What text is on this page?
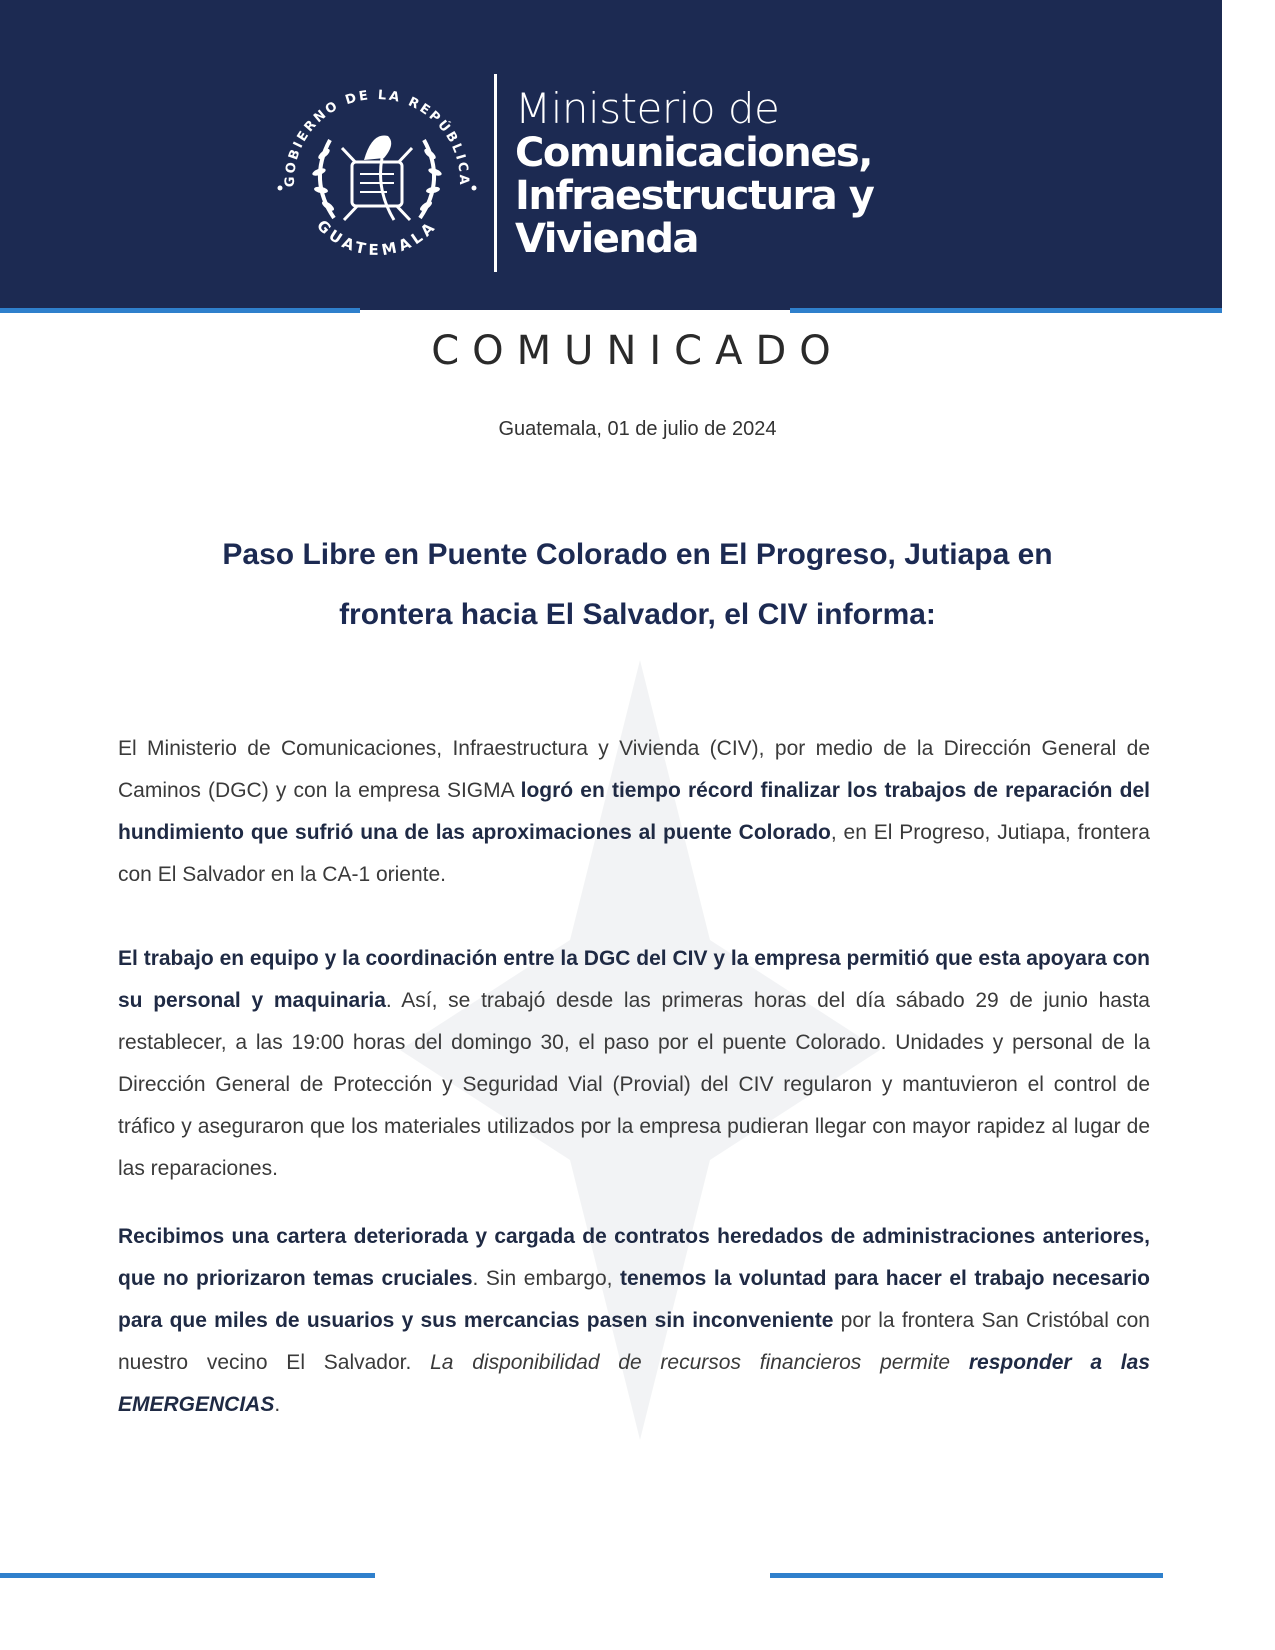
GOBIERNO DE LA REPÚBLICA
GUATEMALA
Ministerio de
Comunicaciones,
Infraestructura y
Vivienda
COMUNICADO
Guatemala, 01 de julio de 2024
Paso Libre en Puente Colorado en El Progreso, Jutiapa en
frontera hacia El Salvador, el CIV informa:

El Ministerio de Comunicaciones, Infraestructura y Vivienda (CIV), por medio de la Dirección General de Caminos (DGC) y con la empresa SIGMA logró en tiempo récord finalizar los trabajos de reparación del hundimiento que sufrió una de las aproximaciones al puente Colorado, en El Progreso, Jutiapa, frontera con El Salvador en la CA-1 oriente.

El trabajo en equipo y la coordinación entre la DGC del CIV y la empresa permitió que esta apoyara con su personal y maquinaria. Así, se trabajó desde las primeras horas del día sábado 29 de junio hasta restablecer, a las 19:00 horas del domingo 30, el paso por el puente Colorado. Unidades y personal de la Dirección General de Protección y Seguridad Vial (Provial) del CIV regularon y mantuvieron el control de tráfico y aseguraron que los materiales utilizados por la empresa pudieran llegar con mayor rapidez al lugar de las reparaciones.

Recibimos una cartera deteriorada y cargada de contratos heredados de administraciones anteriores, que no priorizaron temas cruciales. Sin embargo, tenemos la voluntad para hacer el trabajo necesario para que miles de usuarios y sus mercancias pasen sin inconveniente por la frontera San Cristóbal con nuestro vecino El Salvador. La disponibilidad de recursos financieros permite responder a las EMERGENCIAS.
